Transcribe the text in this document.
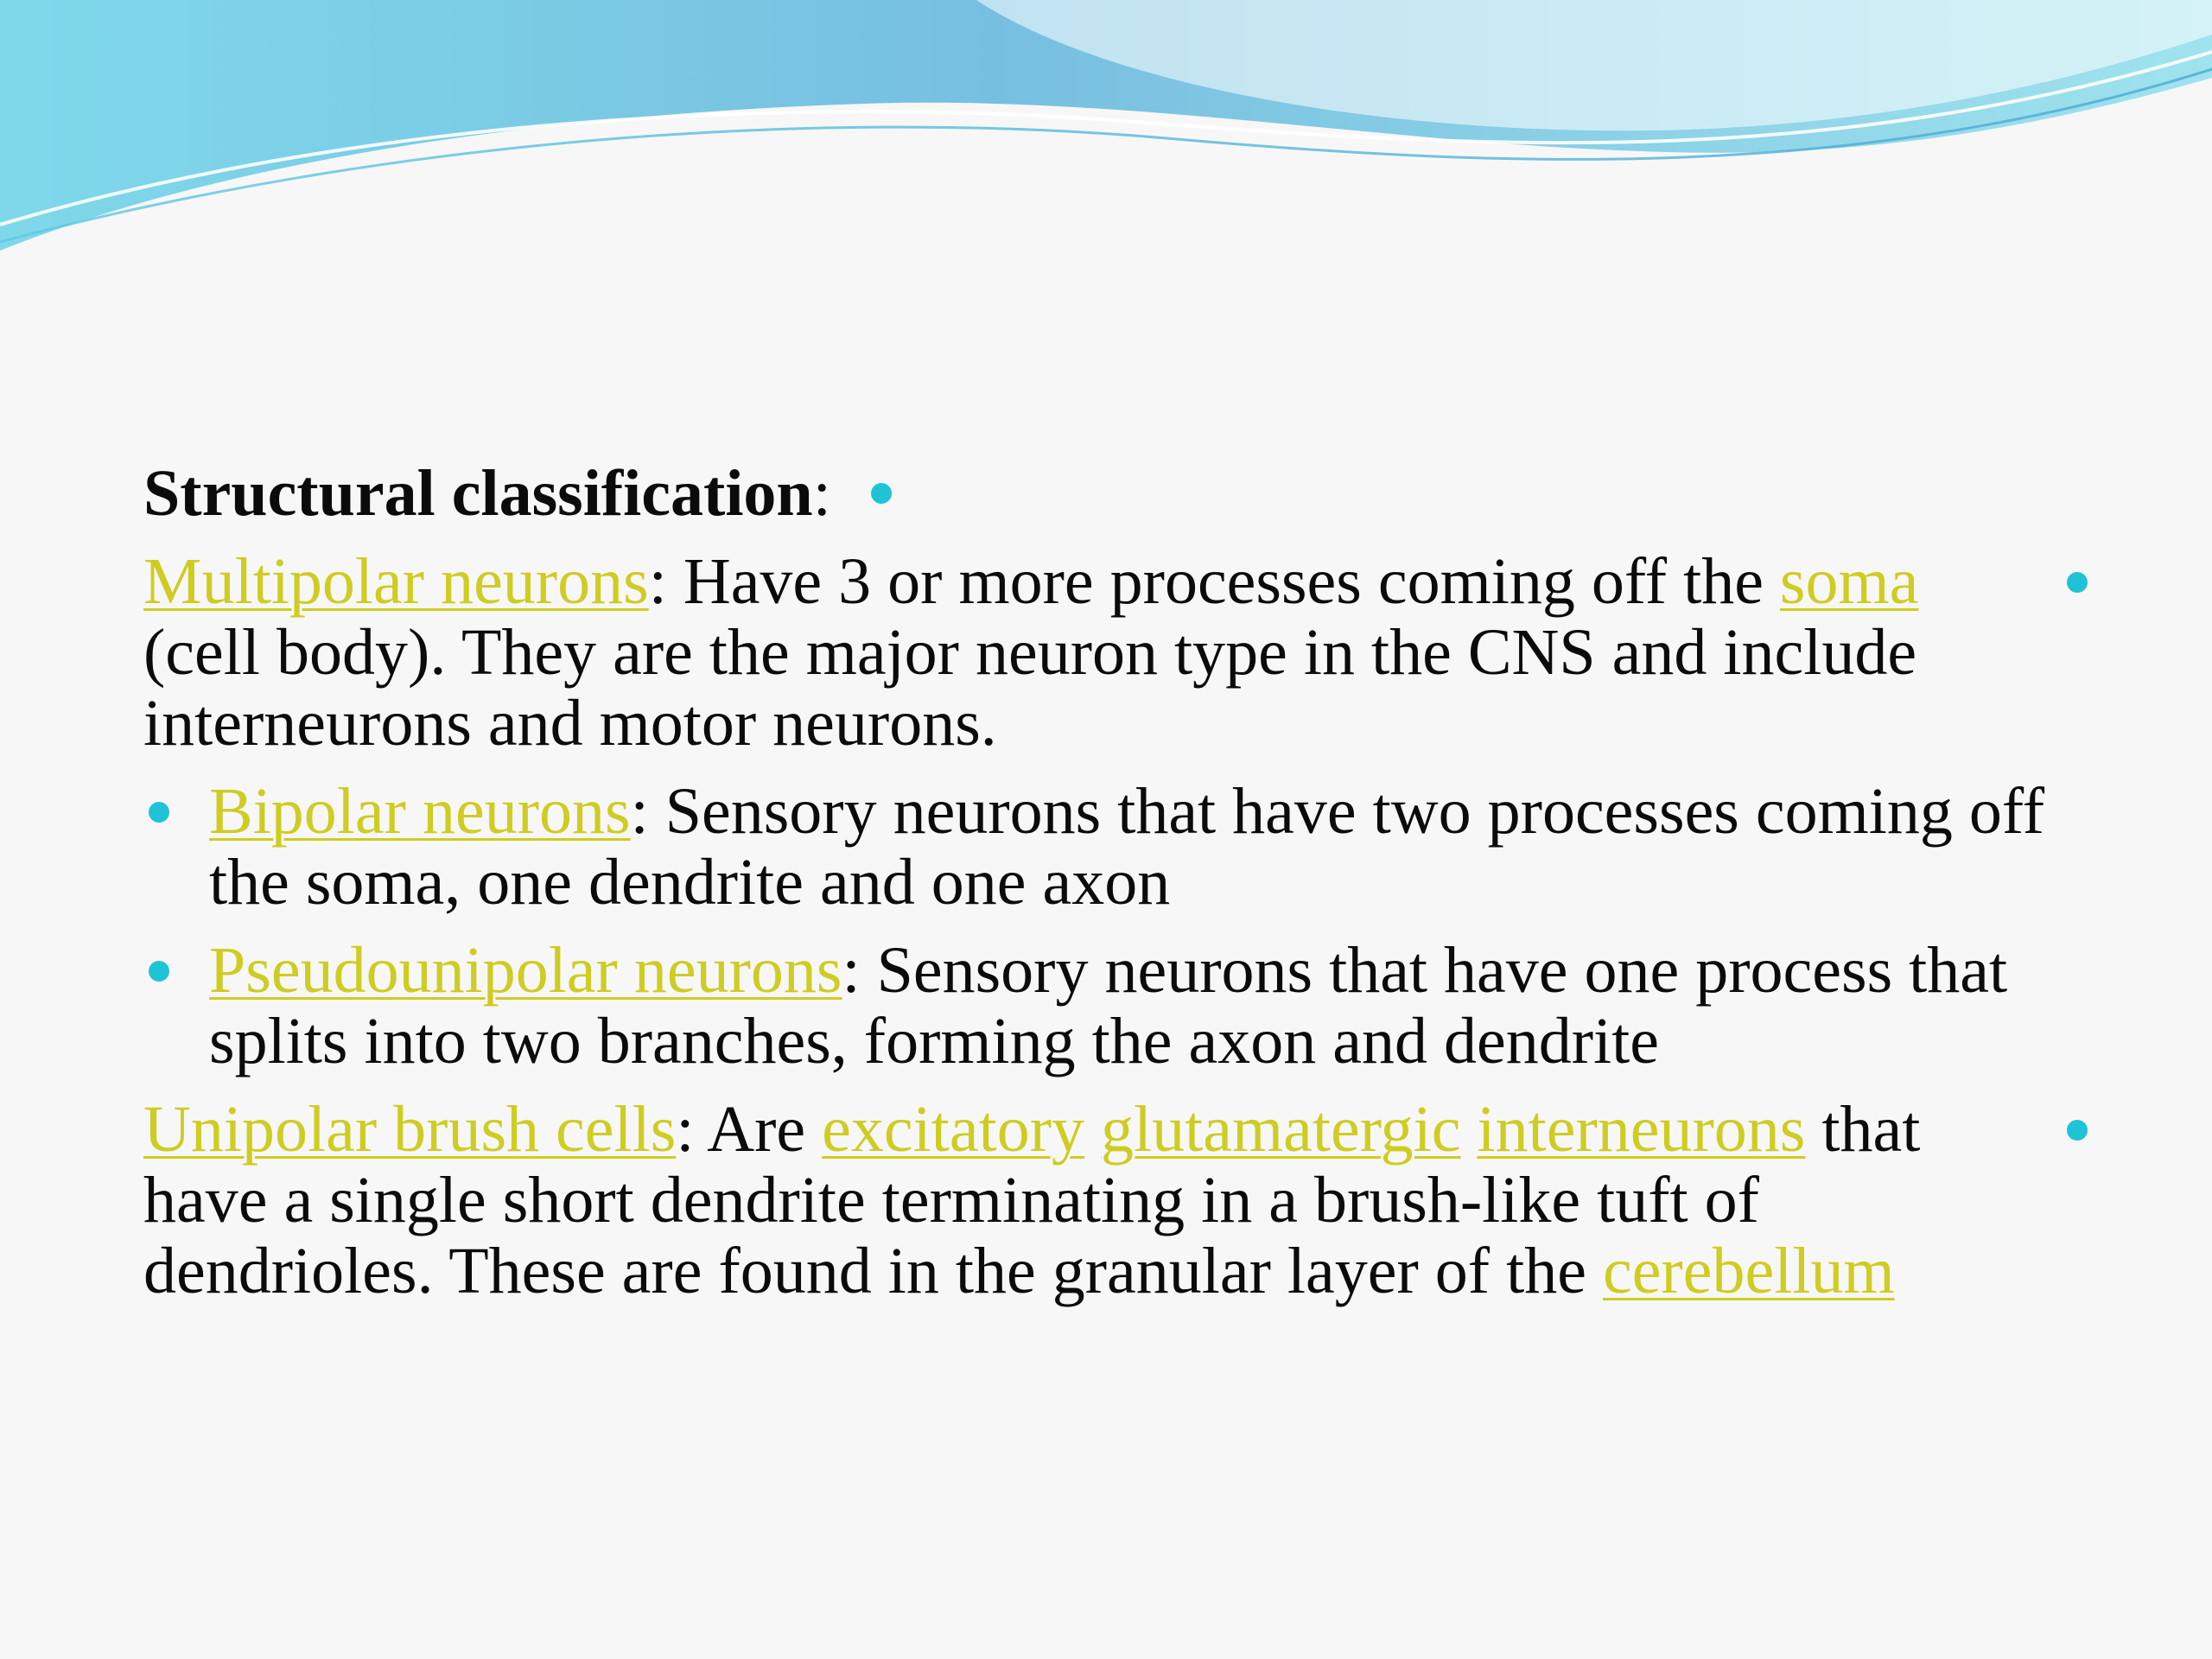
Structural classification:

Multipolar neurons: Have 3 or more processes coming off the soma (cell body). They are the major neuron type in the CNS and include interneurons and motor neurons.

Bipolar neurons: Sensory neurons that have two processes coming off the soma, one dendrite and one axon
Pseudounipolar neurons: Sensory neurons that have one process that splits into two branches, forming the axon and dendrite

Unipolar brush cells: Are excitatory glutamatergic interneurons that have a single short dendrite terminating in a brush-like tuft of dendrioles. These are found in the granular layer of the cerebellum
